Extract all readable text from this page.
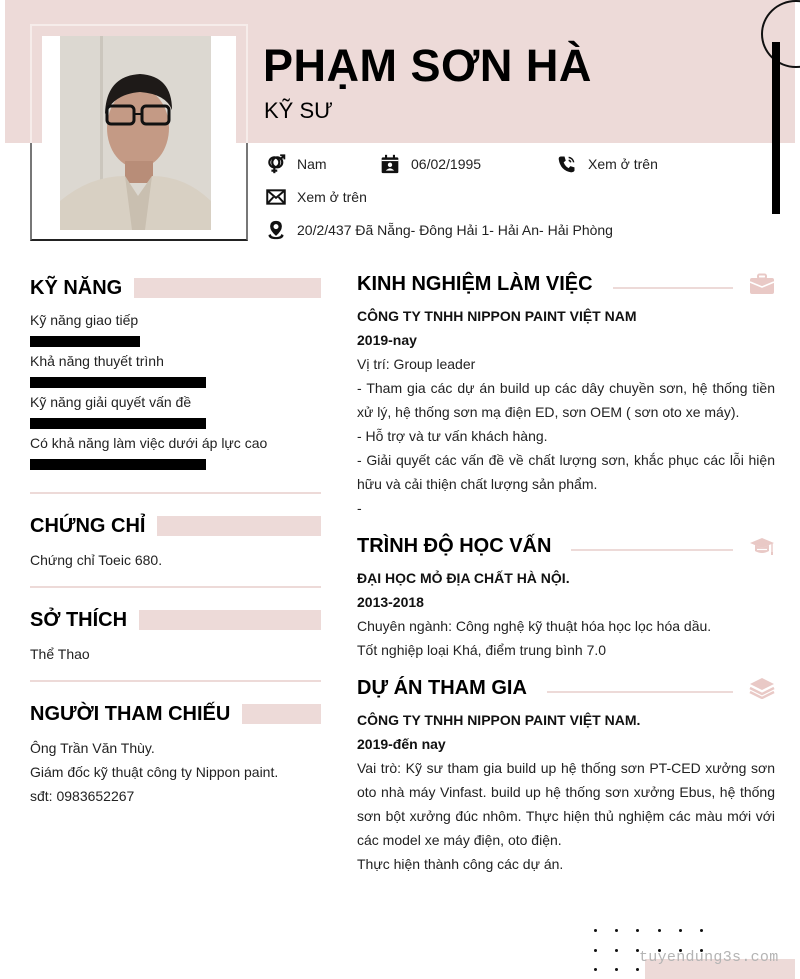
PHẠM SƠN HÀ
KỸ SƯ
Nam	06/02/1995	Xem ở trên
Xem ở trên
20/2/437 Đã Nẵng- Đông Hải 1- Hải An- Hải Phòng
KỸ NĂNG
Kỹ năng giao tiếp
Khả năng thuyết trình
Kỹ năng giải quyết vấn đề
Có khả năng làm việc dưới áp lực cao
CHỨNG CHỈ
Chứng chỉ Toeic 680.
SỞ THÍCH
Thể Thao
NGƯỜI THAM CHIẾU
Ông Trần Văn Thùy.
Giám đốc kỹ thuật công ty Nippon paint.
sđt: 0983652267
KINH NGHIỆM LÀM VIỆC
CÔNG TY TNHH NIPPON PAINT VIỆT NAM
2019-nay
Vị trí: Group leader
- Tham gia các dự án build up các dây chuyền sơn, hệ thống tiền xử lý, hệ thống sơn mạ điện ED, sơn OEM ( sơn oto xe máy).
- Hỗ trợ và tư vấn khách hàng.
- Giải quyết các vấn đề về chất lượng sơn, khắc phục các lỗi hiện hữu và cải thiện chất lượng sản phẩm.
-
TRÌNH ĐỘ HỌC VẤN
ĐẠI HỌC MỎ ĐỊA CHẤT HÀ NỘI.
2013-2018
Chuyên ngành: Công nghệ kỹ thuật hóa học lọc hóa dầu.
Tốt nghiệp loại Khá, điểm trung bình 7.0
DỰ ÁN THAM GIA
CÔNG TY TNHH NIPPON PAINT VIỆT NAM.
2019-đến nay
Vai trò: Kỹ sư tham gia build up hệ thống sơn PT-CED xưởng sơn oto nhà máy Vinfast. build up hệ thống sơn xưởng Ebus, hệ thống sơn bột xưởng đúc nhôm. Thực hiện thủ nghiệm các màu mới với các model xe máy điện, oto điện.
Thực hiện thành công các dự án.
tuyendung3s.com
